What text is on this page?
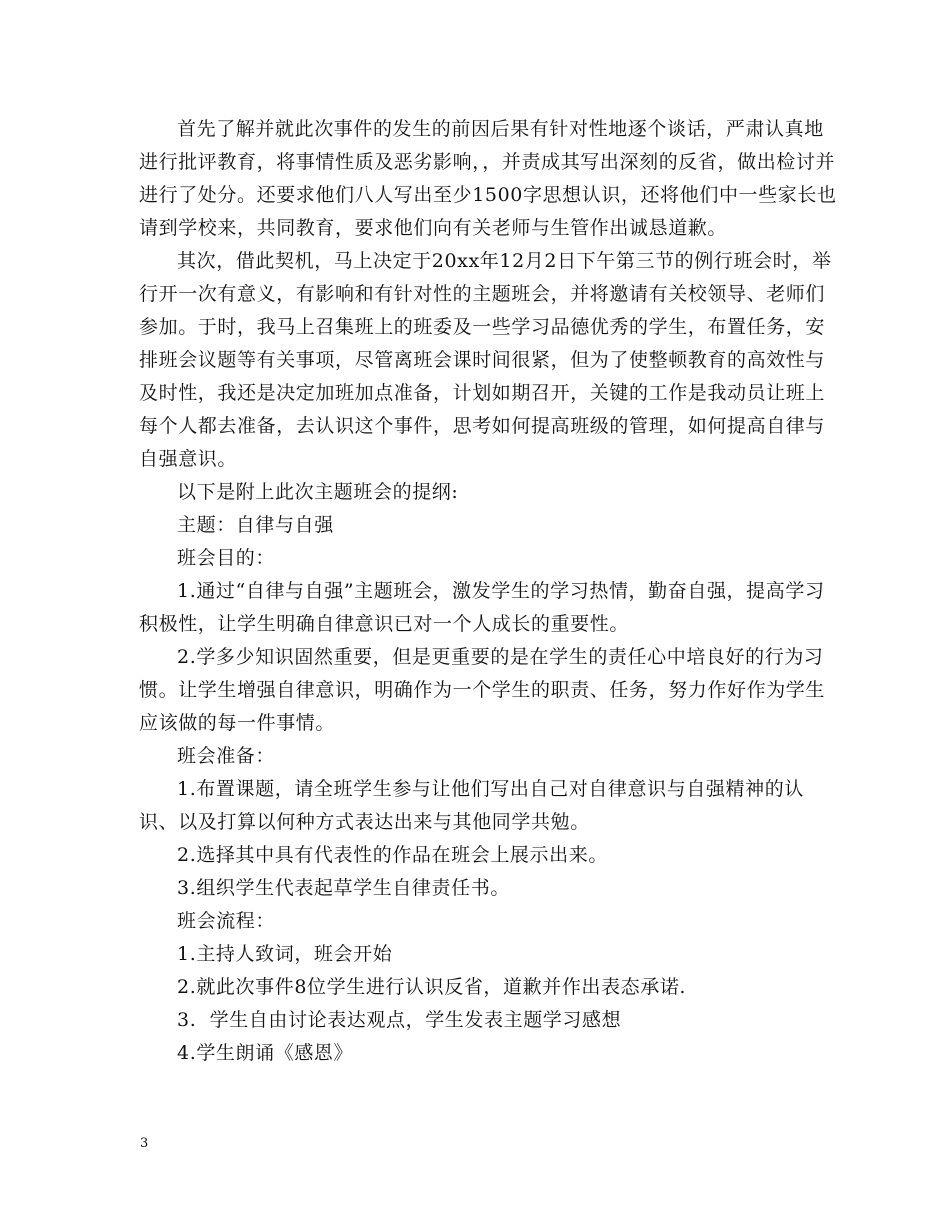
首先了解并就此次事件的发生的前因后果有针对性地逐个谈话，严肃认真地进行批评教育，将事情性质及恶劣影响，，并责成其写出深刻的反省，做出检讨并进行了处分。还要求他们八人写出至少1500字思想认识，还将他们中一些家长也请到学校来，共同教育，要求他们向有关老师与生管作出诚恳道歉。

其次，借此契机，马上决定于20xx年12月2日下午第三节的例行班会时，举行开一次有意义，有影响和有针对性的主题班会，并将邀请有关校领导、老师们参加。于时，我马上召集班上的班委及一些学习品德优秀的学生，布置任务，安排班会议题等有关事项，尽管离班会课时间很紧，但为了使整顿教育的高效性与及时性，我还是决定加班加点准备，计划如期召开，关键的工作是我动员让班上每个人都去准备，去认识这个事件，思考如何提高班级的管理，如何提高自律与自强意识。

以下是附上此次主题班会的提纲:

主题：自律与自强

班会目的：

1.通过“自律与自强”主题班会，激发学生的学习热情，勤奋自强，提高学习积极性，让学生明确自律意识已对一个人成长的重要性。

2.学多少知识固然重要，但是更重要的是在学生的责任心中培良好的行为习惯。让学生增强自律意识，明确作为一个学生的职责、任务，努力作好作为学生应该做的每一件事情。

班会准备：

1.布置课题，请全班学生参与让他们写出自己对自律意识与自强精神的认识、以及打算以何种方式表达出来与其他同学共勉。

2.选择其中具有代表性的作品在班会上展示出来。

3.组织学生代表起草学生自律责任书。

班会流程：

1.主持人致词，班会开始

2.就此次事件8位学生进行认识反省，道歉并作出表态承诺.

3.  学生自由讨论表达观点，学生发表主题学习感想

4.学生朗诵《感恩》

3
